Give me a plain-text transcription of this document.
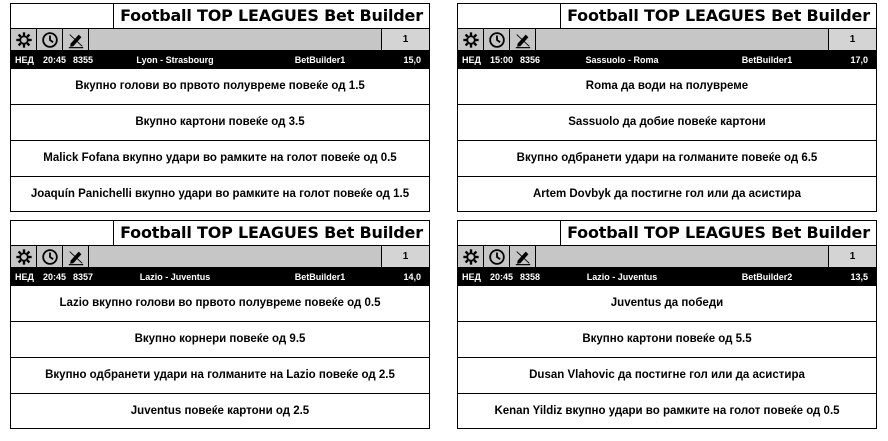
Football TOP LEAGUES Bet Builder
1
НЕД 20:45 8355	Lyon - Strasbourg	BetBuilder1	15,0
Вкупно голови во првото полувреме повеќе од 1.5
Вкупно картони повеќе од 3.5
Malick Fofana вкупно удари во рамките на голот повеќе од 0.5
Joaquín Panichelli вкупно удари во рамките на голот повеќе од 1.5
Football TOP LEAGUES Bet Builder
1
НЕД 15:00 8356	Sassuolo - Roma	BetBuilder1	17,0
Roma да води на полувреме
Sassuolo да добие повеќе картони
Вкупно одбранети удари на голманите повеќе од 6.5
Artem Dovbyk да постигне гол или да асистира
Football TOP LEAGUES Bet Builder
1
НЕД 20:45 8357	Lazio - Juventus	BetBuilder1	14,0
Lazio вкупно голови во првото полувреме повеќе од 0.5
Вкупно корнери повеќе од 9.5
Вкупно одбранети удари на голманите на Lazio повеќе од 2.5
Juventus повеќе картони од 2.5
Football TOP LEAGUES Bet Builder
1
НЕД 20:45 8358	Lazio - Juventus	BetBuilder2	13,5
Juventus да победи
Вкупно картони повеќе од 5.5
Dusan Vlahovic да постигне гол или да асистира
Kenan Yildiz вкупно удари во рамките на голот повеќе од 0.5
